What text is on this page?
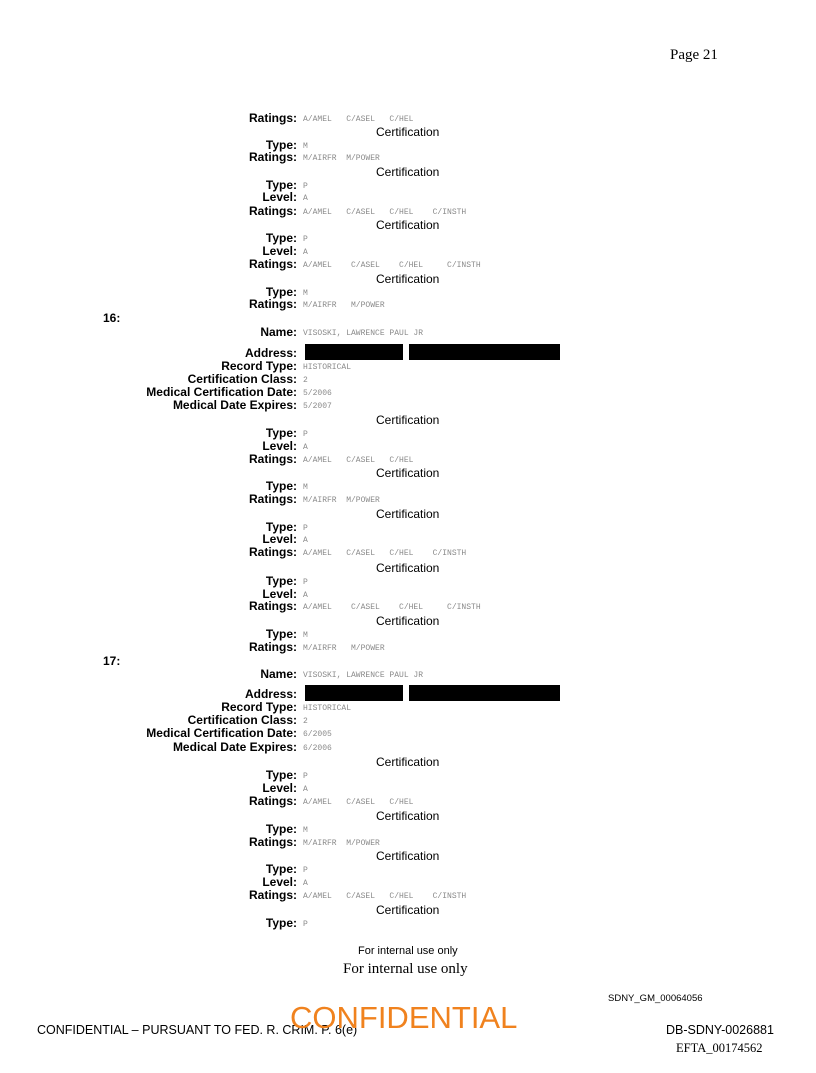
Page 21
Ratings: A/AMEL   C/ASEL   C/HEL
Certification
Type: M
Ratings: M/AIRFR  M/POWER
Certification
Type: P
Level: A
Ratings: A/AMEL   C/ASEL   C/HEL    C/INSTH
Certification
Type: P
Level: A
Ratings: A/AMEL    C/ASEL    C/HEL     C/INSTH
Certification
Type: M
Ratings: M/AIRFR   M/POWER
16:
Name: VISOSKI, LAWRENCE PAUL JR
Address:
Record Type: HISTORICAL
Certification Class: 2
Medical Certification Date: 5/2006
Medical Date Expires: 5/2007
Certification
Type: P
Level: A
Ratings: A/AMEL   C/ASEL   C/HEL
Certification
Type: M
Ratings: M/AIRFR  M/POWER
Certification
Type: P
Level: A
Ratings: A/AMEL   C/ASEL   C/HEL    C/INSTH
Certification
Type: P
Level: A
Ratings: A/AMEL    C/ASEL    C/HEL     C/INSTH
Certification
Type: M
Ratings: M/AIRFR   M/POWER
17:
Name: VISOSKI, LAWRENCE PAUL JR
Address:
Record Type: HISTORICAL
Certification Class: 2
Medical Certification Date: 6/2005
Medical Date Expires: 6/2006
Certification
Type: P
Level: A
Ratings: A/AMEL   C/ASEL   C/HEL
Certification
Type: M
Ratings: M/AIRFR  M/POWER
Certification
Type: P
Level: A
Ratings: A/AMEL   C/ASEL   C/HEL    C/INSTH
Certification
Type: P
For internal use only
For internal use only
SDNY_GM_00064056
CONFIDENTIAL – PURSUANT TO FED. R. CRIM. P. 6(e)
CONFIDENTIAL	DB-SDNY-0026881
EFTA_00174562
